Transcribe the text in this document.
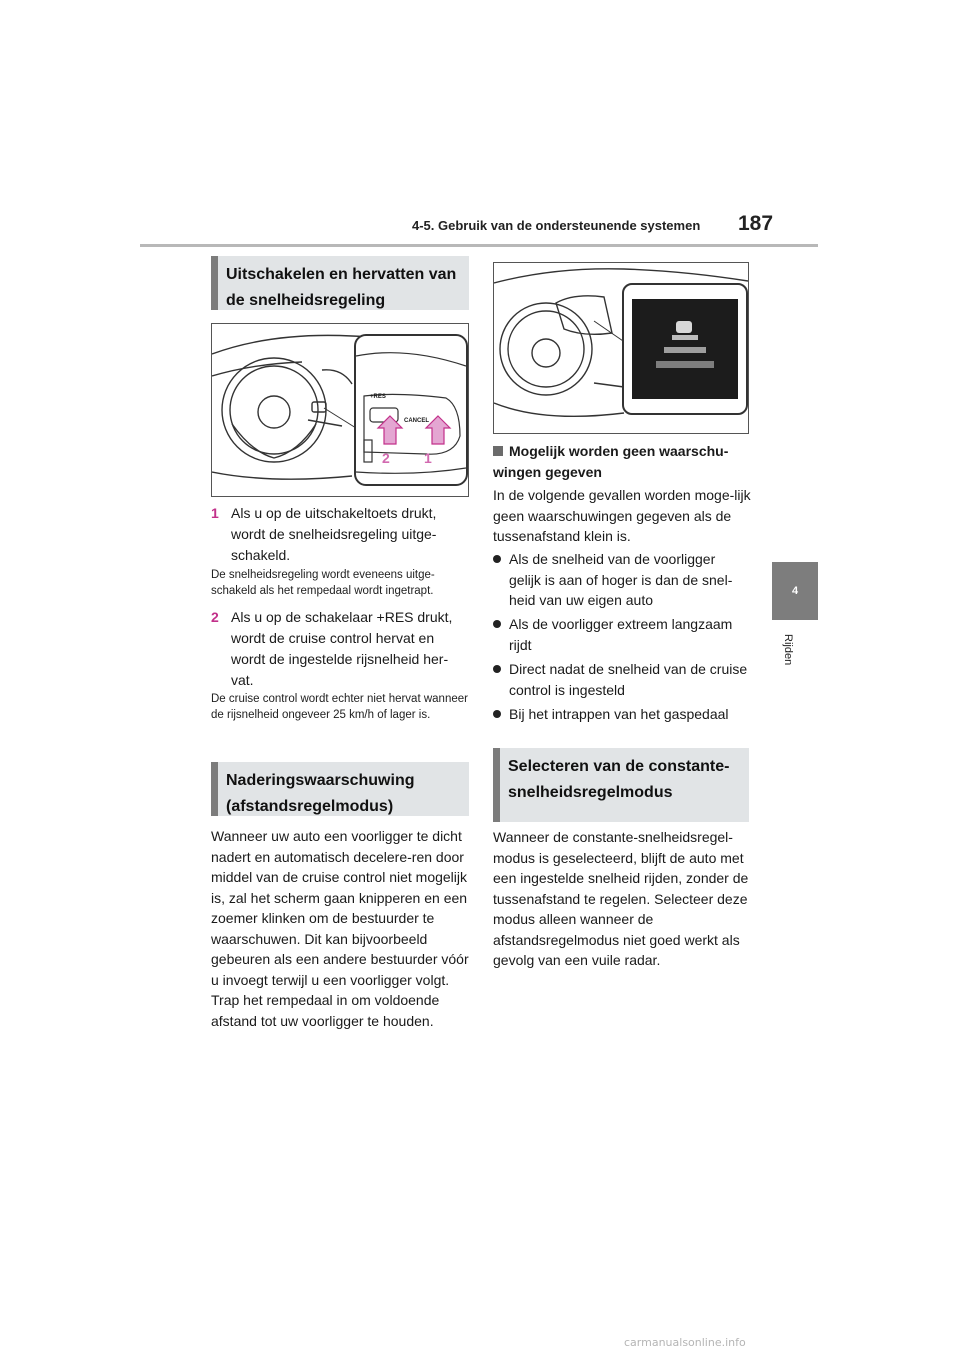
4-5. Gebruik van de ondersteunende systemen 187
4
Rijden
Uitschakelen en hervatten van de snelheidsregeling
+RES
CANCEL
2 1
1 Als u op de uitschakeltoets drukt, wordt de snelheidsregeling uitge-schakeld.
De snelheidsregeling wordt eveneens uitge-schakeld als het rempedaal wordt ingetrapt.
2 Als u op de schakelaar +RES drukt, wordt de cruise control hervat en wordt de ingestelde rijsnelheid her-vat.
De cruise control wordt echter niet hervat wanneer de rijsnelheid ongeveer 25 km/h of lager is.
Naderingswaarschuwing (afstandsregelmodus)
Wanneer uw auto een voorligger te dicht nadert en automatisch decelere-ren door middel van de cruise control niet mogelijk is, zal het scherm gaan knipperen en een zoemer klinken om de bestuurder te waarschuwen. Dit kan bijvoorbeeld gebeuren als een andere bestuurder vóór u invoegt terwijl u een voorligger volgt. Trap het rempedaal in om voldoende afstand tot uw voorligger te houden.
Mogelijk worden geen waarschu-wingen gegeven
In de volgende gevallen worden moge-lijk geen waarschuwingen gegeven als de tussenafstand klein is.
Als de snelheid van de voorligger gelijk is aan of hoger is dan de snel-heid van uw eigen auto
Als de voorligger extreem langzaam rijdt
Direct nadat de snelheid van de cruise control is ingesteld
Bij het intrappen van het gaspedaal
Selecteren van de constante-snelheidsregelmodus
Wanneer de constante-snelheidsregel-modus is geselecteerd, blijft de auto met een ingestelde snelheid rijden, zonder de tussenafstand te regelen. Selecteer deze modus alleen wanneer de afstandsregelmodus niet goed werkt als gevolg van een vuile radar.
carmanualsonline.info
